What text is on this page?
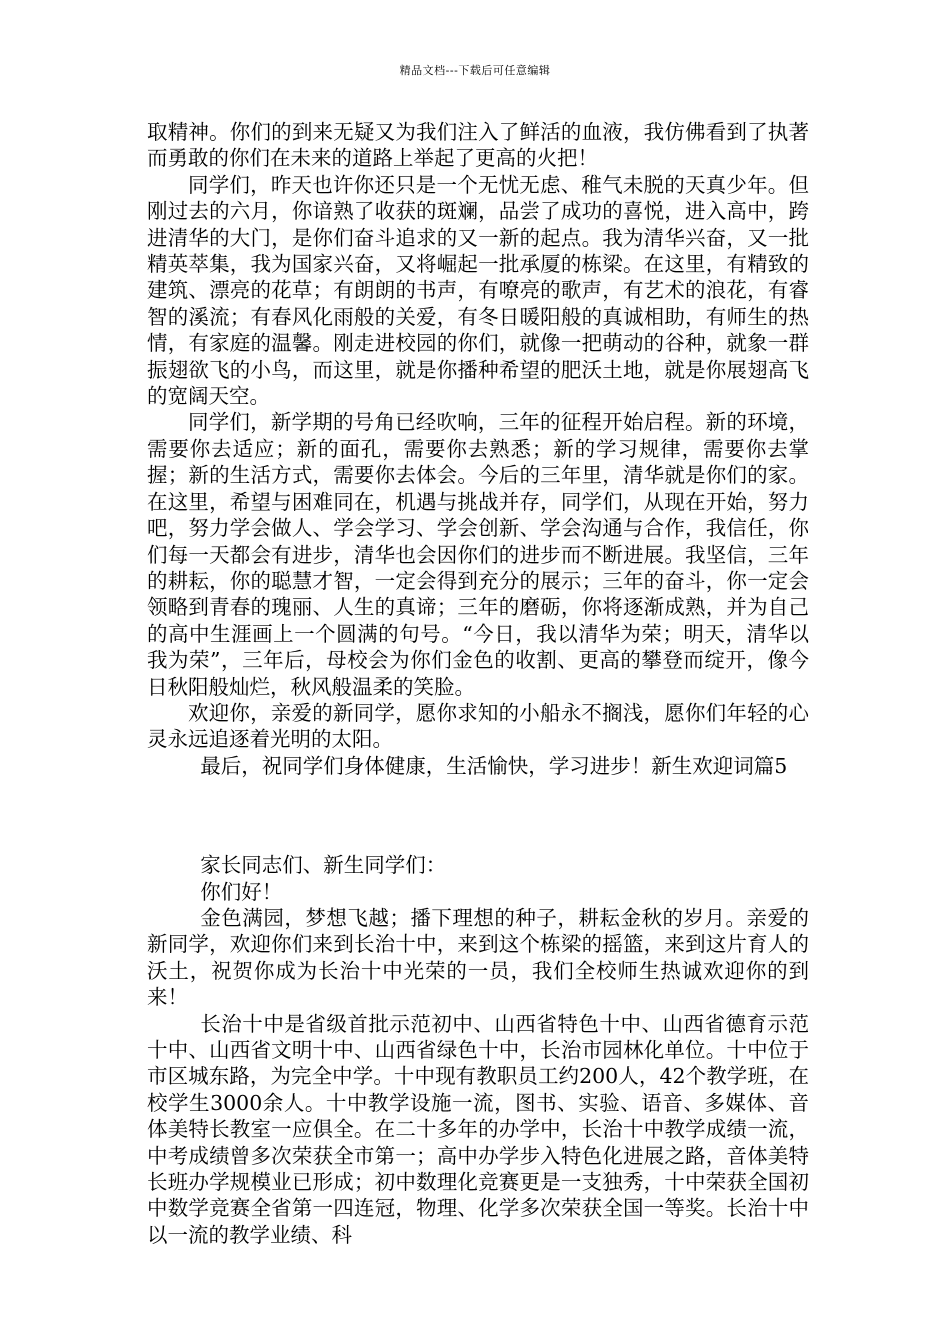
精品文档---下载后可任意编辑

取精神。你们的到来无疑又为我们注入了鲜活的血液，我仿佛看到了执著而勇敢的你们在未来的道路上举起了更高的火把！

同学们，昨天也许你还只是一个无忧无虑、稚气未脱的天真少年。但刚过去的六月，你谙熟了收获的斑斓，品尝了成功的喜悦，进入高中，跨进清华的大门，是你们奋斗追求的又一新的起点。我为清华兴奋，又一批精英萃集，我为国家兴奋，又将崛起一批承厦的栋梁。在这里，有精致的建筑、漂亮的花草；有朗朗的书声，有嘹亮的歌声，有艺术的浪花，有睿智的溪流；有春风化雨般的关爱，有冬日暖阳般的真诚相助，有师生的热情，有家庭的温馨。刚走进校园的你们，就像一把萌动的谷种，就象一群振翅欲飞的小鸟，而这里，就是你播种希望的肥沃土地，就是你展翅高飞的宽阔天空。

同学们，新学期的号角已经吹响，三年的征程开始启程。新的环境，需要你去适应；新的面孔，需要你去熟悉；新的学习规律，需要你去掌握；新的生活方式，需要你去体会。今后的三年里，清华就是你们的家。在这里，希望与困难同在，机遇与挑战并存，同学们，从现在开始，努力吧，努力学会做人、学会学习、学会创新、学会沟通与合作，我信任，你们每一天都会有进步，清华也会因你们的进步而不断进展。我坚信，三年的耕耘，你的聪慧才智，一定会得到充分的展示；三年的奋斗，你一定会领略到青春的瑰丽、人生的真谛；三年的磨砺，你将逐渐成熟，并为自己的高中生涯画上一个圆满的句号。“今日，我以清华为荣；明天，清华以我为荣”，三年后，母校会为你们金色的收割、更高的攀登而绽开，像今日秋阳般灿烂，秋风般温柔的笑脸。

欢迎你，亲爱的新同学，愿你求知的小船永不搁浅，愿你们年轻的心灵永远追逐着光明的太阳。

最后，祝同学们身体健康，生活愉快，学习进步！新生欢迎词篇5

家长同志们、新生同学们：

你们好！

金色满园，梦想飞越；播下理想的种子，耕耘金秋的岁月。亲爱的新同学，欢迎你们来到长治十中，来到这个栋梁的摇篮，来到这片育人的沃土，祝贺你成为长治十中光荣的一员，我们全校师生热诚欢迎你的到来！

长治十中是省级首批示范初中、山西省特色十中、山西省德育示范十中、山西省文明十中、山西省绿色十中，长治市园林化单位。十中位于市区城东路，为完全中学。十中现有教职员工约200人，42个教学班，在校学生3000余人。十中教学设施一流，图书、实验、语音、多媒体、音体美特长教室一应俱全。在二十多年的办学中，长治十中教学成绩一流，中考成绩曾多次荣获全市第一；高中办学步入特色化进展之路，音体美特长班办学规模业已形成；初中数理化竞赛更是一支独秀，十中荣获全国初中数学竞赛全省第一四连冠，物理、化学多次荣获全国一等奖。长治十中以一流的教学业绩、科
